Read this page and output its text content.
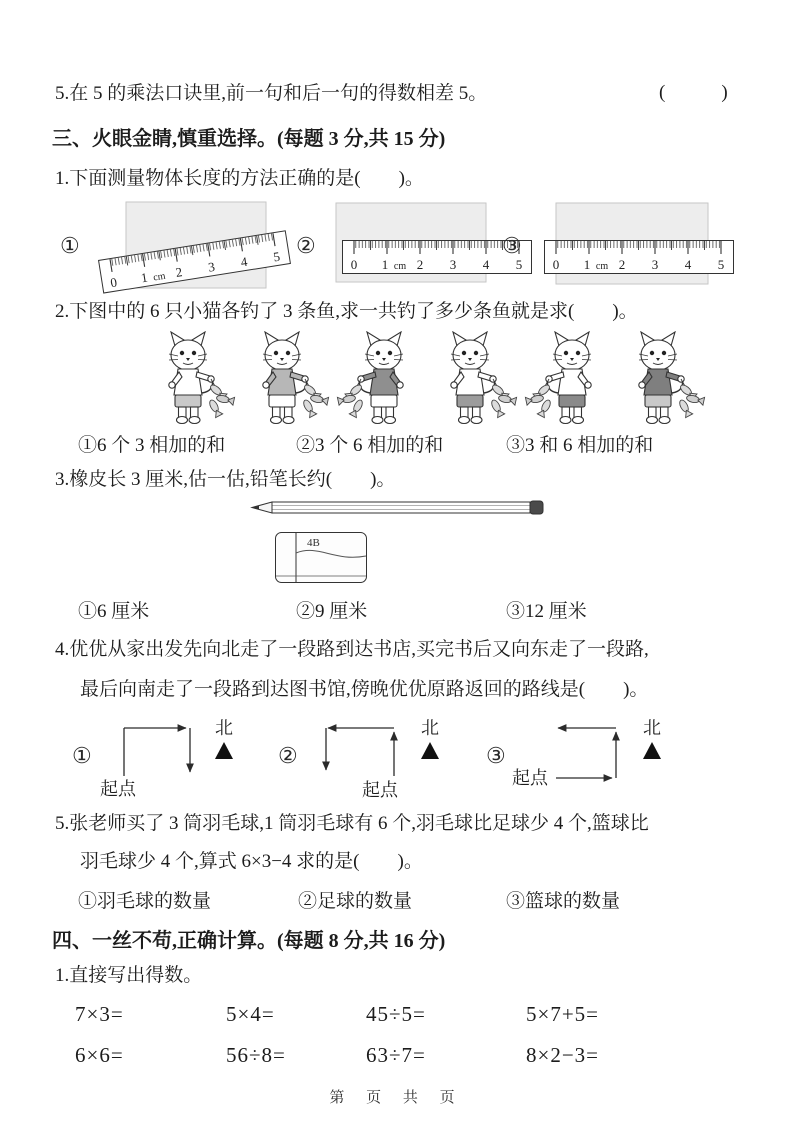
5.在 5 的乘法口诀里,前一句和后一句的得数相差 5。	(        )
三、火眼金睛,慎重选择。(每题 3 分,共 15 分)
1.下面测量物体长度的方法正确的是(　　)。
①	②	③
2.下图中的 6 只小猫各钓了 3 条鱼,求一共钓了多少条鱼就是求(　　)。
①6 个 3 相加的和	②3 个 6 相加的和	③3 和 6 相加的和
3.橡皮长 3 厘米,估一估,铅笔长约(　　)。
4B
①6 厘米	②9 厘米	③12 厘米
4.优优从家出发先向北走了一段路到达书店,买完书后又向东走了一段路,
最后向南走了一段路到达图书馆,傍晚优优原路返回的路线是(　　)。
①
起点
北
②
起点
北
③
起点
北
5.张老师买了 3 筒羽毛球,1 筒羽毛球有 6 个,羽毛球比足球少 4 个,篮球比
羽毛球少 4 个,算式 6×3−4 求的是(　　)。
①羽毛球的数量	②足球的数量	③篮球的数量
四、一丝不苟,正确计算。(每题 8 分,共 16 分)
1.直接写出得数。
7×3=	5×4=	45÷5=	5×7+5=
6×6=	56÷8=	63÷7=	8×2−3=
第 页 共 页
